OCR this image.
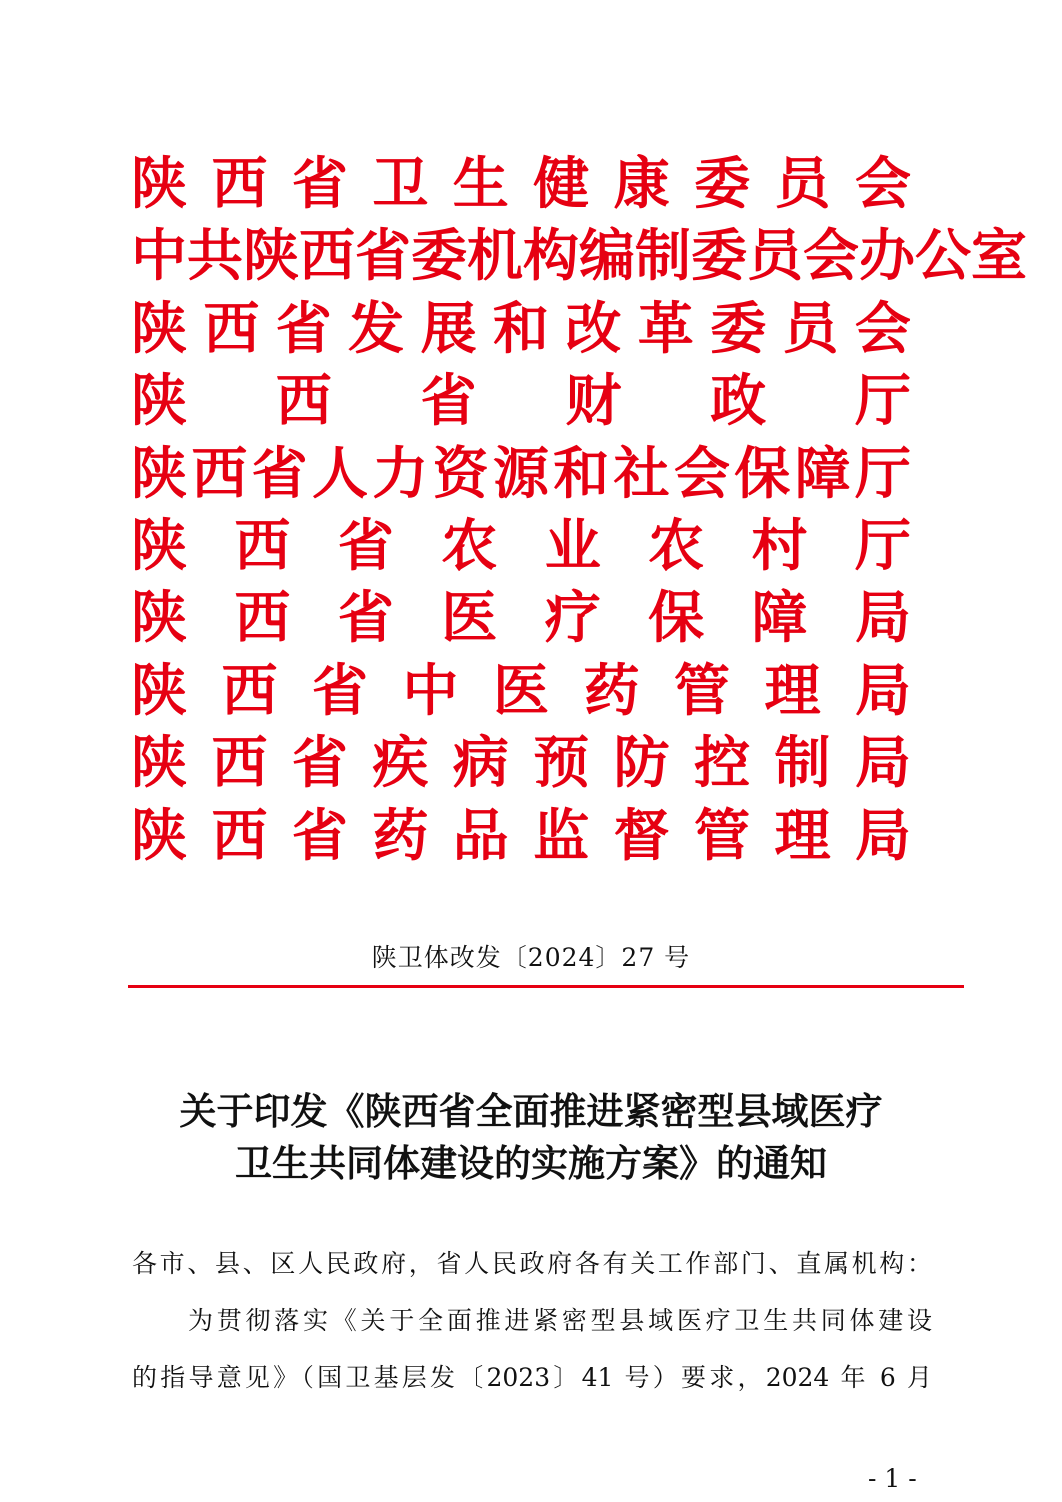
陕 西 省 卫 生 健 康 委 员 会
中 共 陕 西 省 委 机 构 编 制 委 员 会 办 公 室
陕 西 省 发 展 和 改 革 委 员 会
陕 西 省 财 政 厅
陕 西 省 人 力 资 源 和 社 会 保 障 厅
陕 西 省 农 业 农 村 厅
陕 西 省 医 疗 保 障 局
陕 西 省 中 医 药 管 理 局
陕 西 省 疾 病 预 防 控 制 局
陕 西 省 药 品 监 督 管 理 局
陕卫体改发〔2024〕27 号
关于印发《陕西省全面推进紧密型县域医疗
卫生共同体建设的实施方案》的通知
各市、县、区人民政府，省人民政府各有关工作部门、直属机构：
为贯彻落实《关于全面推进紧密型县域医疗卫生共同体建设
的指导意见》（国卫基层发〔2023〕41 号）要求，2024 年 6 月
- 1 -
